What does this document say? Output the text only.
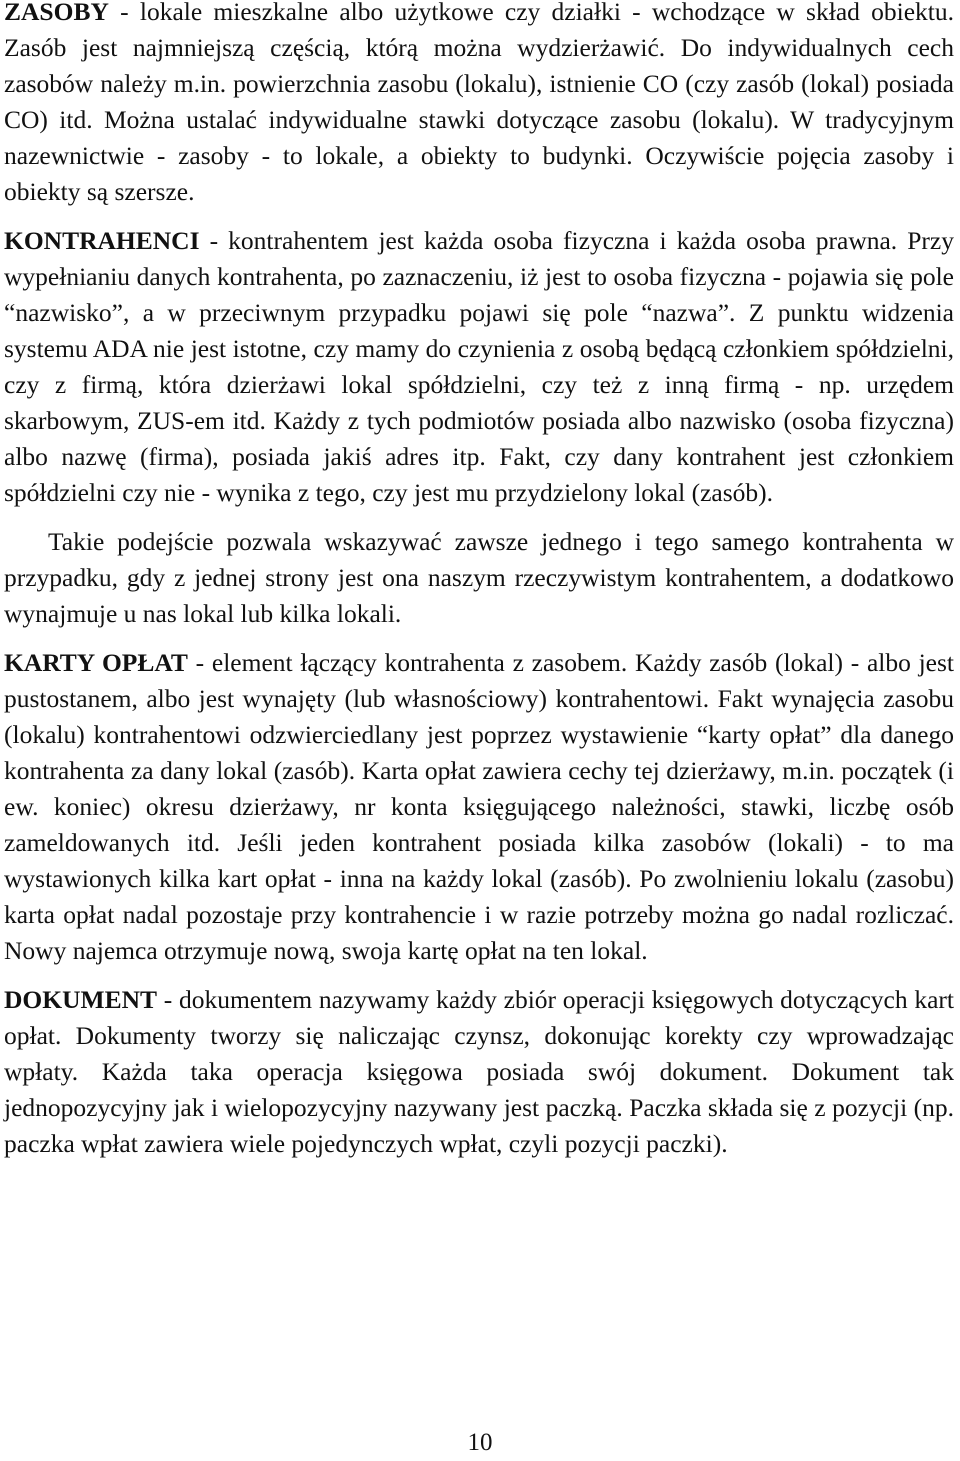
ZASOBY - lokale mieszkalne albo użytkowe czy działki - wchodzące w skład obiektu. Zasób jest najmniejszą częścią, którą można wydzierżawić. Do indywidualnych cech zasobów należy m.in. powierzchnia zasobu (lokalu), istnienie CO (czy zasób (lokal) posiada CO) itd. Można ustalać indywidualne stawki dotyczące zasobu (lokalu). W tradycyjnym nazewnictwie - zasoby - to lokale, a obiekty to budynki. Oczywiście pojęcia zasoby i obiekty są szersze.

KONTRAHENCI - kontrahentem jest każda osoba fizyczna i każda osoba prawna. Przy wypełnianiu danych kontrahenta, po zaznaczeniu, iż jest to osoba fizyczna - pojawia się pole “nazwisko”, a w przeciwnym przypadku pojawi się pole “nazwa”. Z punktu widzenia systemu ADA nie jest istotne, czy mamy do czynienia z osobą będącą członkiem spółdzielni, czy z firmą, która dzierżawi lokal spółdzielni, czy też z inną firmą - np. urzędem skarbowym, ZUS-em itd. Każdy z tych podmiotów posiada albo nazwisko (osoba fizyczna) albo nazwę (firma), posiada jakiś adres itp. Fakt, czy dany kontrahent jest członkiem spółdzielni czy nie - wynika z tego, czy jest mu przydzielony lokal (zasób).

Takie podejście pozwala wskazywać zawsze jednego i tego samego kontrahenta w przypadku, gdy z jednej strony jest ona naszym rzeczywistym kontrahentem, a dodatkowo wynajmuje u nas lokal lub kilka lokali.

KARTY OPŁAT - element łączący kontrahenta z zasobem. Każdy zasób (lokal) - albo jest pustostanem, albo jest wynajęty (lub własnościowy) kontrahentowi. Fakt wynajęcia zasobu (lokalu) kontrahentowi odzwierciedlany jest poprzez wystawienie “karty opłat” dla danego kontrahenta za dany lokal (zasób). Karta opłat zawiera cechy tej dzierżawy, m.in. początek (i ew. koniec) okresu dzierżawy, nr konta księgującego należności, stawki, liczbę osób zameldowanych itd. Jeśli jeden kontrahent posiada kilka zasobów (lokali) - to ma wystawionych kilka kart opłat - inna na każdy lokal (zasób). Po zwolnieniu lokalu (zasobu) karta opłat nadal pozostaje przy kontrahencie i w razie potrzeby można go nadal rozliczać. Nowy najemca otrzymuje nową, swoja kartę opłat na ten lokal.

DOKUMENT - dokumentem nazywamy każdy zbiór operacji księgowych dotyczących kart opłat. Dokumenty tworzy się naliczając czynsz, dokonując korekty czy wprowadzając wpłaty. Każda taka operacja księgowa posiada swój dokument. Dokument tak jednopozycyjny jak i wielopozycyjny nazywany jest paczką. Paczka składa się z pozycji (np. paczka wpłat zawiera wiele pojedynczych wpłat, czyli pozycji paczki).

10
